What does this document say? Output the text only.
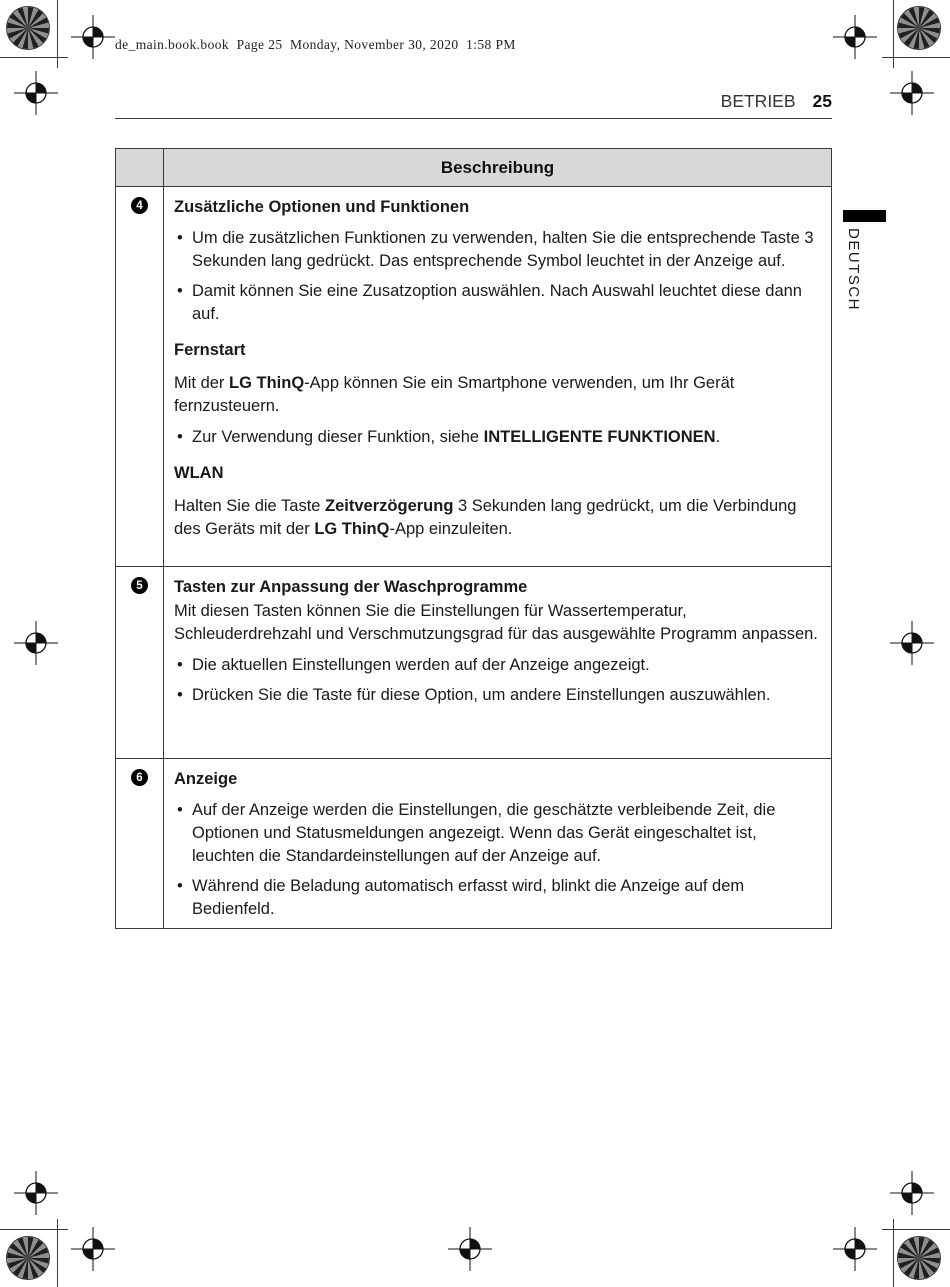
de_main.book.book  Page 25  Monday, November 30, 2020  1:58 PM
BETRIEB 25
DEUTSCH
Beschreibung
4	Zusätzliche Optionen und Funktionen
• Um die zusätzlichen Funktionen zu verwenden, halten Sie die entsprechende Taste 3 Sekunden lang gedrückt. Das entsprechende Symbol leuchtet in der Anzeige auf.
• Damit können Sie eine Zusatzoption auswählen. Nach Auswahl leuchtet diese dann auf.
Fernstart
Mit der LG ThinQ-App können Sie ein Smartphone verwenden, um Ihr Gerät fernzusteuern.
• Zur Verwendung dieser Funktion, siehe INTELLIGENTE FUNKTIONEN.
WLAN
Halten Sie die Taste Zeitverzögerung 3 Sekunden lang gedrückt, um die Verbindung des Geräts mit der LG ThinQ-App einzuleiten.
5	Tasten zur Anpassung der Waschprogramme
Mit diesen Tasten können Sie die Einstellungen für Wassertemperatur, Schleuderdrehzahl und Verschmutzungsgrad für das ausgewählte Programm anpassen.
• Die aktuellen Einstellungen werden auf der Anzeige angezeigt.
• Drücken Sie die Taste für diese Option, um andere Einstellungen auszuwählen.
6	Anzeige
• Auf der Anzeige werden die Einstellungen, die geschätzte verbleibende Zeit, die Optionen und Statusmeldungen angezeigt. Wenn das Gerät eingeschaltet ist, leuchten die Standardeinstellungen auf der Anzeige auf.
• Während die Beladung automatisch erfasst wird, blinkt die Anzeige auf dem Bedienfeld.
